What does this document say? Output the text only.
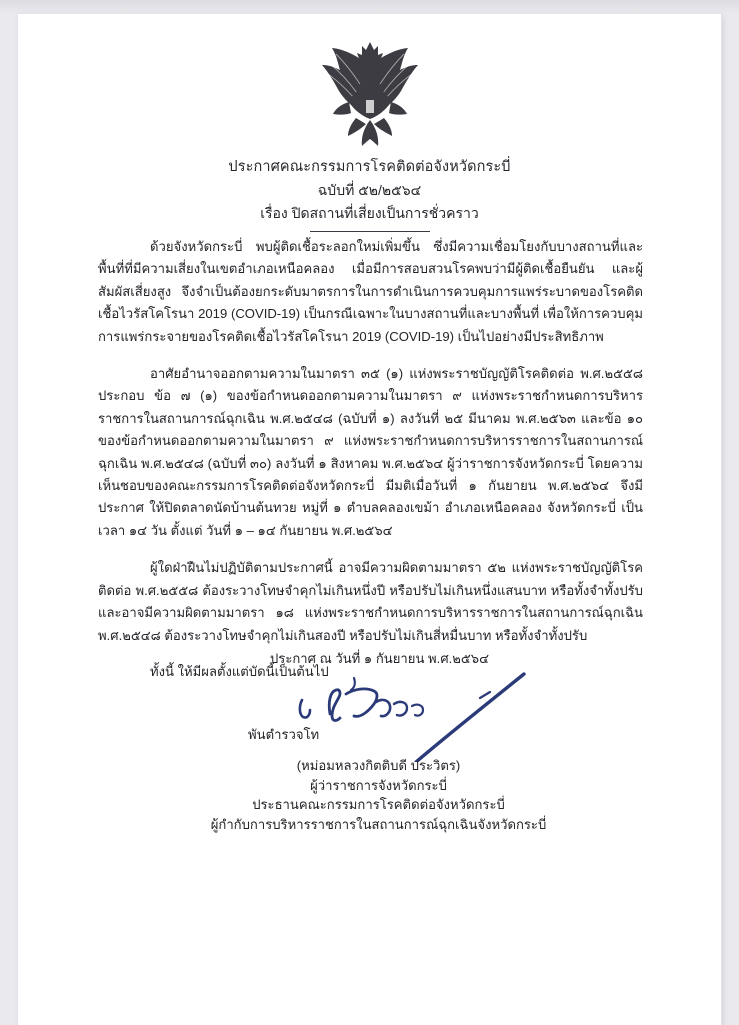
ประกาศคณะกรรมการโรคติดต่อจังหวัดกระบี่
ฉบับที่ ๕๒/๒๕๖๔
เรื่อง ปิดสถานที่เสี่ยงเป็นการชั่วคราว

ด้วยจังหวัดกระบี่ พบผู้ติดเชื้อระลอกใหม่เพิ่มขึ้น ซึ่งมีความเชื่อมโยงกับบางสถานที่และพื้นที่ที่มีความเสี่ยงในเขตอำเภอเหนือคลอง เมื่อมีการสอบสวนโรคพบว่ามีผู้ติดเชื้อยืนยัน และผู้สัมผัสเสี่ยงสูง จึงจำเป็นต้องยกระดับมาตรการในการดำเนินการควบคุมการแพร่ระบาดของโรคติดเชื้อไวรัสโคโรนา 2019 (COVID-19) เป็นกรณีเฉพาะในบางสถานที่และบางพื้นที่ เพื่อให้การควบคุมการแพร่กระจายของโรคติดเชื้อไวรัสโคโรนา 2019 (COVID-19) เป็นไปอย่างมีประสิทธิภาพ

อาศัยอำนาจออกตามความในมาตรา ๓๕ (๑) แห่งพระราชบัญญัติโรคติดต่อ พ.ศ.๒๕๕๘ ประกอบ ข้อ ๗ (๑) ของข้อกำหนดออกตามความในมาตรา ๙ แห่งพระราชกำหนดการบริหารราชการในสถานการณ์ฉุกเฉิน พ.ศ.๒๕๔๘ (ฉบับที่ ๑) ลงวันที่ ๒๕ มีนาคม พ.ศ.๒๕๖๓ และข้อ ๑๐ ของข้อกำหนดออกตามความในมาตรา ๙ แห่งพระราชกำหนดการบริหารราชการในสถานการณ์ฉุกเฉิน พ.ศ.๒๕๔๘ (ฉบับที่ ๓๐) ลงวันที่ ๑ สิงหาคม พ.ศ.๒๕๖๔ ผู้ว่าราชการจังหวัดกระบี่ โดยความเห็นชอบของคณะกรรมการโรคติดต่อจังหวัดกระบี่ มีมติเมื่อวันที่ ๑ กันยายน พ.ศ.๒๕๖๔ จึงมีประกาศ ให้ปิดตลาดนัดบ้านต้นทวย หมู่ที่ ๑ ตำบลคลองเขม้า อำเภอเหนือคลอง จังหวัดกระบี่ เป็นเวลา ๑๔ วัน ตั้งแต่ วันที่ ๑ – ๑๔ กันยายน พ.ศ.๒๕๖๔

ผู้ใดฝ่าฝืนไม่ปฏิบัติตามประกาศนี้ อาจมีความผิดตามมาตรา ๕๒ แห่งพระราชบัญญัติโรคติดต่อ พ.ศ.๒๕๕๘ ต้องระวางโทษจำคุกไม่เกินหนึ่งปี หรือปรับไม่เกินหนึ่งแสนบาท หรือทั้งจำทั้งปรับ และอาจมีความผิดตามมาตรา ๑๘ แห่งพระราชกำหนดการบริหารราชการในสถานการณ์ฉุกเฉิน พ.ศ.๒๕๔๘ ต้องระวางโทษจำคุกไม่เกินสองปี หรือปรับไม่เกินสี่หมื่นบาท หรือทั้งจำทั้งปรับ

ทั้งนี้ ให้มีผลตั้งแต่บัดนี้เป็นต้นไป

ประกาศ ณ วันที่ ๑ กันยายน พ.ศ.๒๕๖๔
พันตำรวจโท
(หม่อมหลวงกิตติบดี ประวิตร)
ผู้ว่าราชการจังหวัดกระบี่
ประธานคณะกรรมการโรคติดต่อจังหวัดกระบี่
ผู้กำกับการบริหารราชการในสถานการณ์ฉุกเฉินจังหวัดกระบี่
